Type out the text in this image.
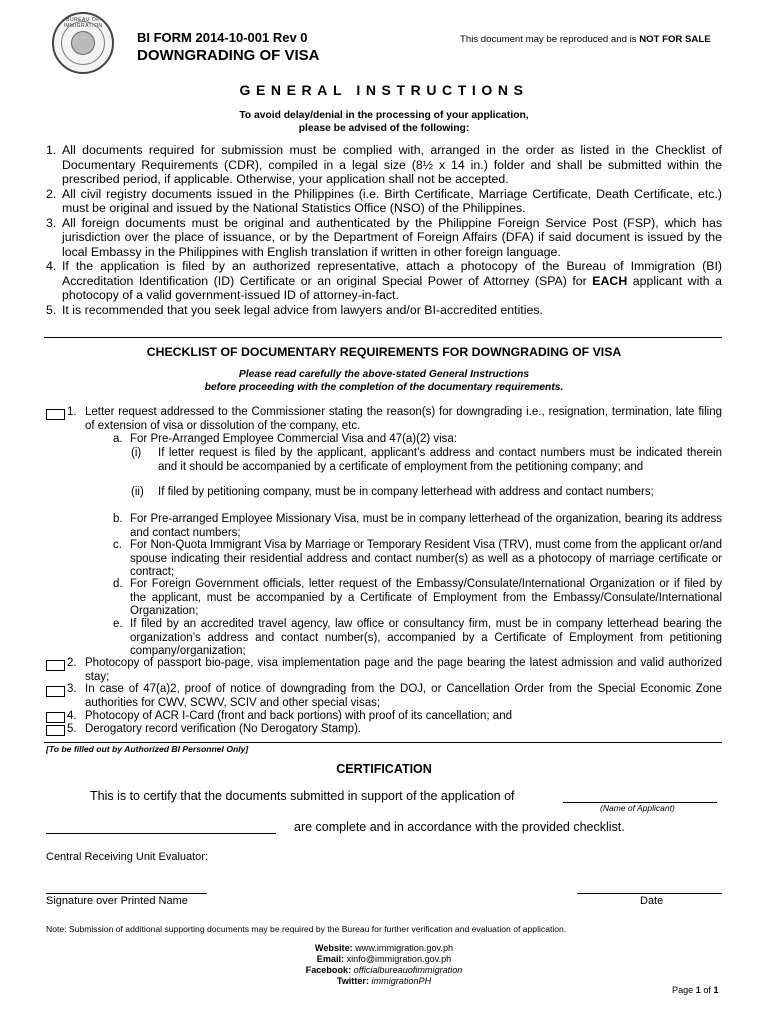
BUREAU OF IMMIGRATION
BI FORM 2014-10-001 Rev 0
DOWNGRADING OF VISA
This document may be reproduced and is NOT FOR SALE
GENERAL INSTRUCTIONS
To avoid delay/denial in the processing of your application,
please be advised of the following:
1. All documents required for submission must be complied with, arranged in the order as listed in the Checklist of Documentary Requirements (CDR), compiled in a legal size (8½ x 14 in.) folder and shall be submitted within the prescribed period, if applicable. Otherwise, your application shall not be accepted.
2. All civil registry documents issued in the Philippines (i.e. Birth Certificate, Marriage Certificate, Death Certificate, etc.) must be original and issued by the National Statistics Office (NSO) of the Philippines.
3. All foreign documents must be original and authenticated by the Philippine Foreign Service Post (FSP), which has jurisdiction over the place of issuance, or by the Department of Foreign Affairs (DFA) if said document is issued by the local Embassy in the Philippines with English translation if written in other foreign language.
4. If the application is filed by an authorized representative, attach a photocopy of the Bureau of Immigration (BI) Accreditation Identification (ID) Certificate or an original Special Power of Attorney (SPA) for EACH applicant with a photocopy of a valid government-issued ID of attorney-in-fact.
5. It is recommended that you seek legal advice from lawyers and/or BI-accredited entities.
CHECKLIST OF DOCUMENTARY REQUIREMENTS FOR DOWNGRADING OF VISA
Please read carefully the above-stated General Instructions
before proceeding with the completion of the documentary requirements.
1. Letter request addressed to the Commissioner stating the reason(s) for downgrading i.e., resignation, termination, late filing of extension of visa or dissolution of the company, etc.
a. For Pre-Arranged Employee Commercial Visa and 47(a)(2) visa:
(i)	If letter request is filed by the applicant, applicant’s address and contact numbers must be indicated therein and it should be accompanied by a certificate of employment from the petitioning company; and
(ii)	If filed by petitioning company, must be in company letterhead with address and contact numbers;
b. For Pre-arranged Employee Missionary Visa, must be in company letterhead of the organization, bearing its address and contact numbers;
c. For Non-Quota Immigrant Visa by Marriage or Temporary Resident Visa (TRV), must come from the applicant or/and spouse indicating their residential address and contact number(s) as well as a photocopy of marriage certificate or contract;
d. For Foreign Government officials, letter request of the Embassy/Consulate/International Organization or if filed by the applicant, must be accompanied by a Certificate of Employment from the Embassy/Consulate/International Organization;
e. If filed by an accredited travel agency, law office or consultancy firm, must be in company letterhead bearing the organization’s address and contact number(s), accompanied by a Certificate of Employment from petitioning company/organization;
2. Photocopy of passport bio-page, visa implementation page and the page bearing the latest admission and valid authorized stay;
3. In case of 47(a)2, proof of notice of downgrading from the DOJ, or Cancellation Order from the Special Economic Zone authorities for CWV, SCWV, SCIV and other special visas;
4. Photocopy of ACR I-Card (front and back portions) with proof of its cancellation; and
5. Derogatory record verification (No Derogatory Stamp).
[To be filled out by Authorized BI Personnel Only]
CERTIFICATION
This is to certify that the documents submitted in support of the application of
(Name of Applicant)
are complete and in accordance with the provided checklist.
Central Receiving Unit Evaluator:
Signature over Printed Name	Date
Note: Submission of additional supporting documents may be required by the Bureau for further verification and evaluation of application.
Website: www.immigration.gov.ph
Email: xinfo@immigration.gov.ph
Facebook: officialbureauofimmigration
Twitter: immigrationPH
Page 1 of 1
